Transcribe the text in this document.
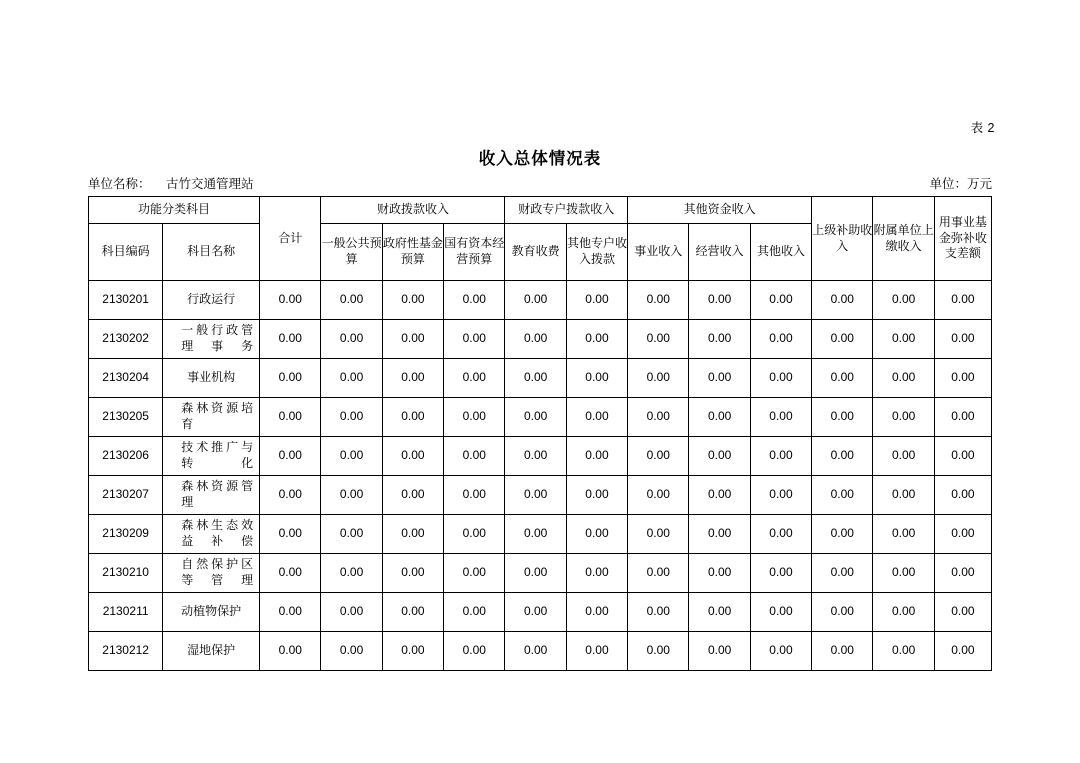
表 2
收入总体情况表
单位名称： 古竹交通管理站	单位：万元
功能分类科目		合计	财政拨款收入			财政专户拨款收入		其他资金收入			上级补助收入	附属单位上缴收入	用事业基金弥补收支差额
科目编码	科目名称		一般公共预算	政府性基金预算	国有资本经营预算	教育收费	其他专户收入拨款	事业收入	经营收入	其他收入			
2130201	行政运行	0.00	0.00	0.00	0.00	0.00	0.00	0.00	0.00	0.00	0.00	0.00	0.00
2130202	一般行政管理事务	0.00	0.00	0.00	0.00	0.00	0.00	0.00	0.00	0.00	0.00	0.00	0.00
2130204	事业机构	0.00	0.00	0.00	0.00	0.00	0.00	0.00	0.00	0.00	0.00	0.00	0.00
2130205	森林资源培育	0.00	0.00	0.00	0.00	0.00	0.00	0.00	0.00	0.00	0.00	0.00	0.00
2130206	技术推广与转化	0.00	0.00	0.00	0.00	0.00	0.00	0.00	0.00	0.00	0.00	0.00	0.00
2130207	森林资源管理	0.00	0.00	0.00	0.00	0.00	0.00	0.00	0.00	0.00	0.00	0.00	0.00
2130209	森林生态效益补偿	0.00	0.00	0.00	0.00	0.00	0.00	0.00	0.00	0.00	0.00	0.00	0.00
2130210	自然保护区等管理	0.00	0.00	0.00	0.00	0.00	0.00	0.00	0.00	0.00	0.00	0.00	0.00
2130211	动植物保护	0.00	0.00	0.00	0.00	0.00	0.00	0.00	0.00	0.00	0.00	0.00	0.00
2130212	湿地保护	0.00	0.00	0.00	0.00	0.00	0.00	0.00	0.00	0.00	0.00	0.00	0.00
